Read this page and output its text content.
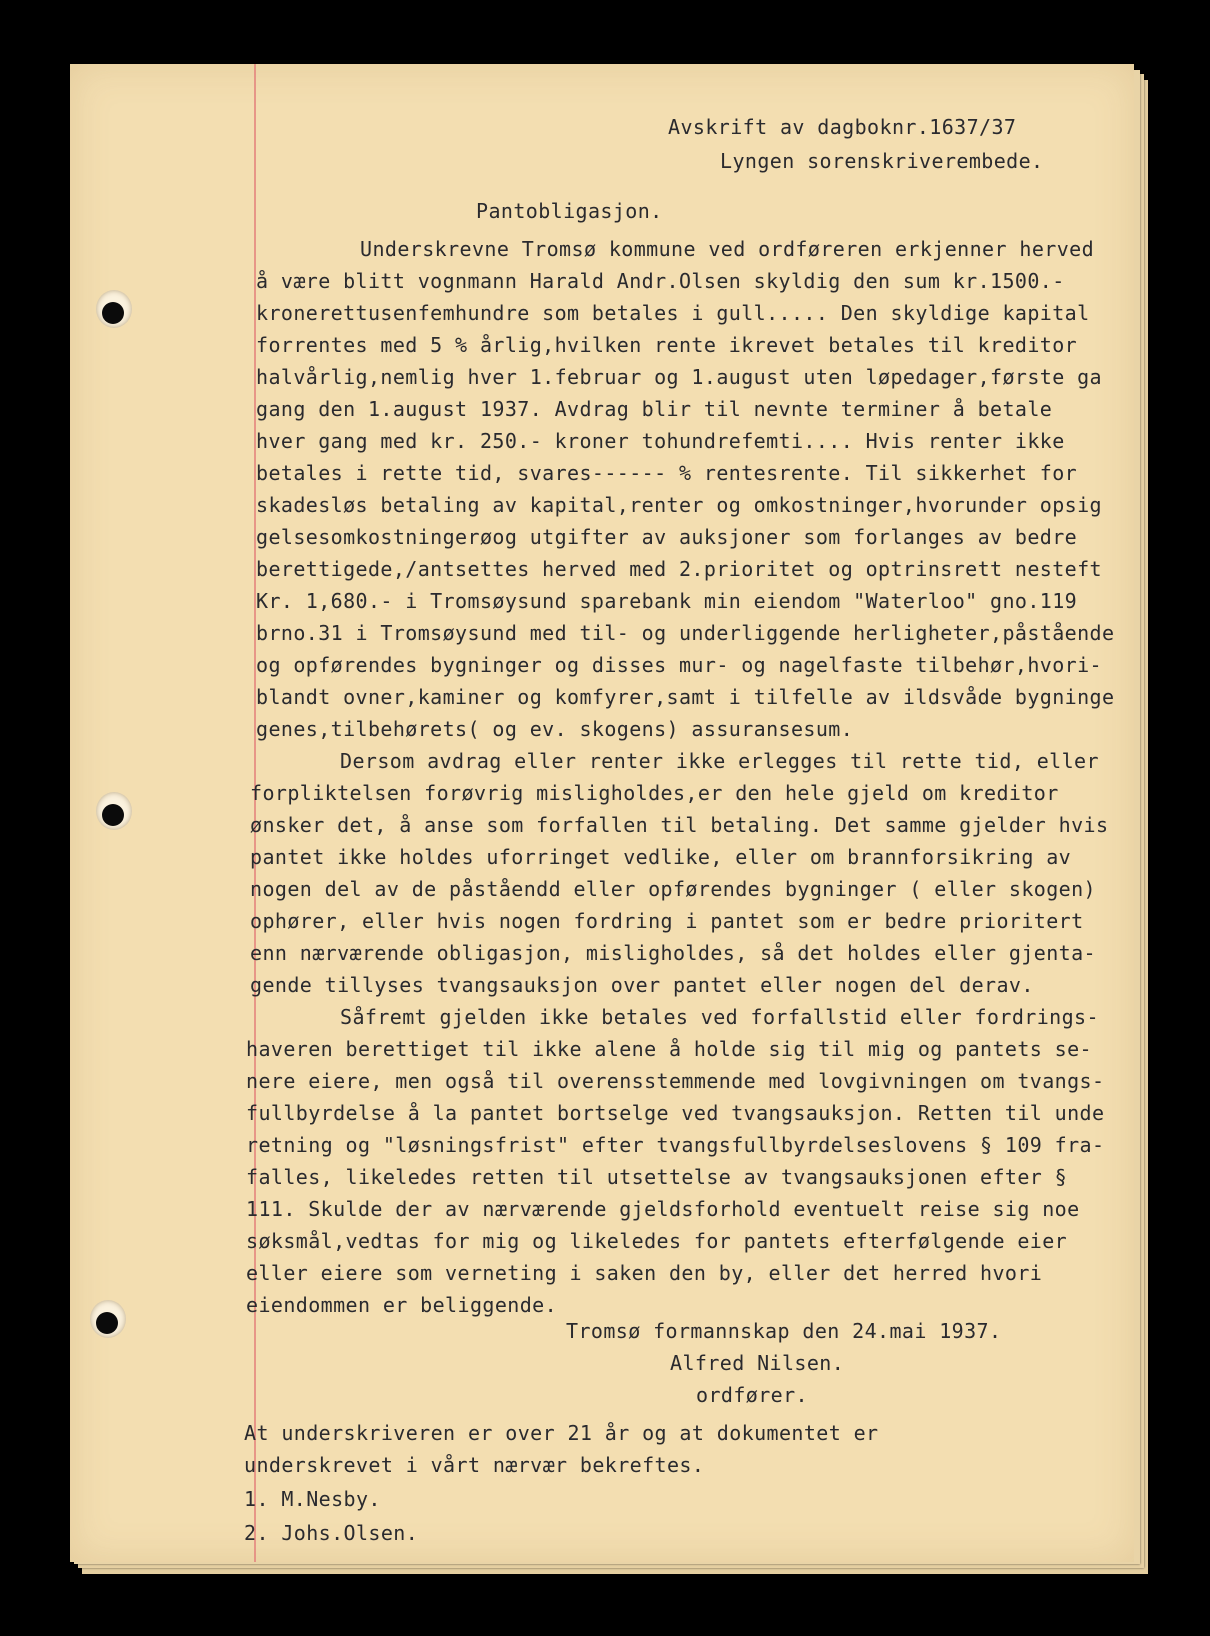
Avskrift av dagboknr.1637/37
Lyngen sorenskriverembede.
Pantobligasjon.
Underskrevne Tromsø kommune ved ordføreren erkjenner herved
å være blitt vognmann Harald Andr.Olsen skyldig den sum kr.1500.-
kronerettusenfemhundre som betales i gull..... Den skyldige kapital
forrentes med 5 % årlig,hvilken rente ikrevet betales til kreditor
halvårlig,nemlig hver 1.februar og 1.august uten løpedager,første ga
gang den 1.august 1937. Avdrag blir til nevnte terminer å betale
hver gang med kr. 250.- kroner tohundrefemti.... Hvis renter ikke
betales i rette tid, svares------ % rentesrente. Til sikkerhet for
skadesløs betaling av kapital,renter og omkostninger,hvorunder opsig
gelsesomkostningerøog utgifter av auksjoner som forlanges av bedre
berettigede,/antsettes herved med 2.prioritet og optrinsrett nesteft
Kr. 1,680.- i Tromsøysund sparebank min eiendom "Waterloo" gno.119
brno.31 i Tromsøysund med til- og underliggende herligheter,påstående
og opførendes bygninger og disses mur- og nagelfaste tilbehør,hvori-
blandt ovner,kaminer og komfyrer,samt i tilfelle av ildsvåde bygninge
genes,tilbehørets( og ev. skogens) assuransesum.
Dersom avdrag eller renter ikke erlegges til rette tid, eller
forpliktelsen forøvrig misligholdes,er den hele gjeld om kreditor
ønsker det, å anse som forfallen til betaling. Det samme gjelder hvis
pantet ikke holdes uforringet vedlike, eller om brannforsikring av
nogen del av de påståendd eller opførendes bygninger ( eller skogen)
ophører, eller hvis nogen fordring i pantet som er bedre prioritert
enn nærværende obligasjon, misligholdes, så det holdes eller gjenta-
gende tillyses tvangsauksjon over pantet eller nogen del derav.
Såfremt gjelden ikke betales ved forfallstid eller fordrings-
haveren berettiget til ikke alene å holde sig til mig og pantets se-
nere eiere, men også til overensstemmende med lovgivningen om tvangs-
fullbyrdelse å la pantet bortselge ved tvangsauksjon. Retten til unde
retning og "løsningsfrist" efter tvangsfullbyrdelseslovens § 109 fra-
falles, likeledes retten til utsettelse av tvangsauksjonen efter §
111. Skulde der av nærværende gjeldsforhold eventuelt reise sig noe
søksmål,vedtas for mig og likeledes for pantets efterfølgende eier
eller eiere som verneting i saken den by, eller det herred hvori
eiendommen er beliggende.
Tromsø formannskap den 24.mai 1937.
Alfred Nilsen.
ordfører.
At underskriveren er over 21 år og at dokumentet er
underskrevet i vårt nærvær bekreftes.
1. M.Nesby.
2. Johs.Olsen.
